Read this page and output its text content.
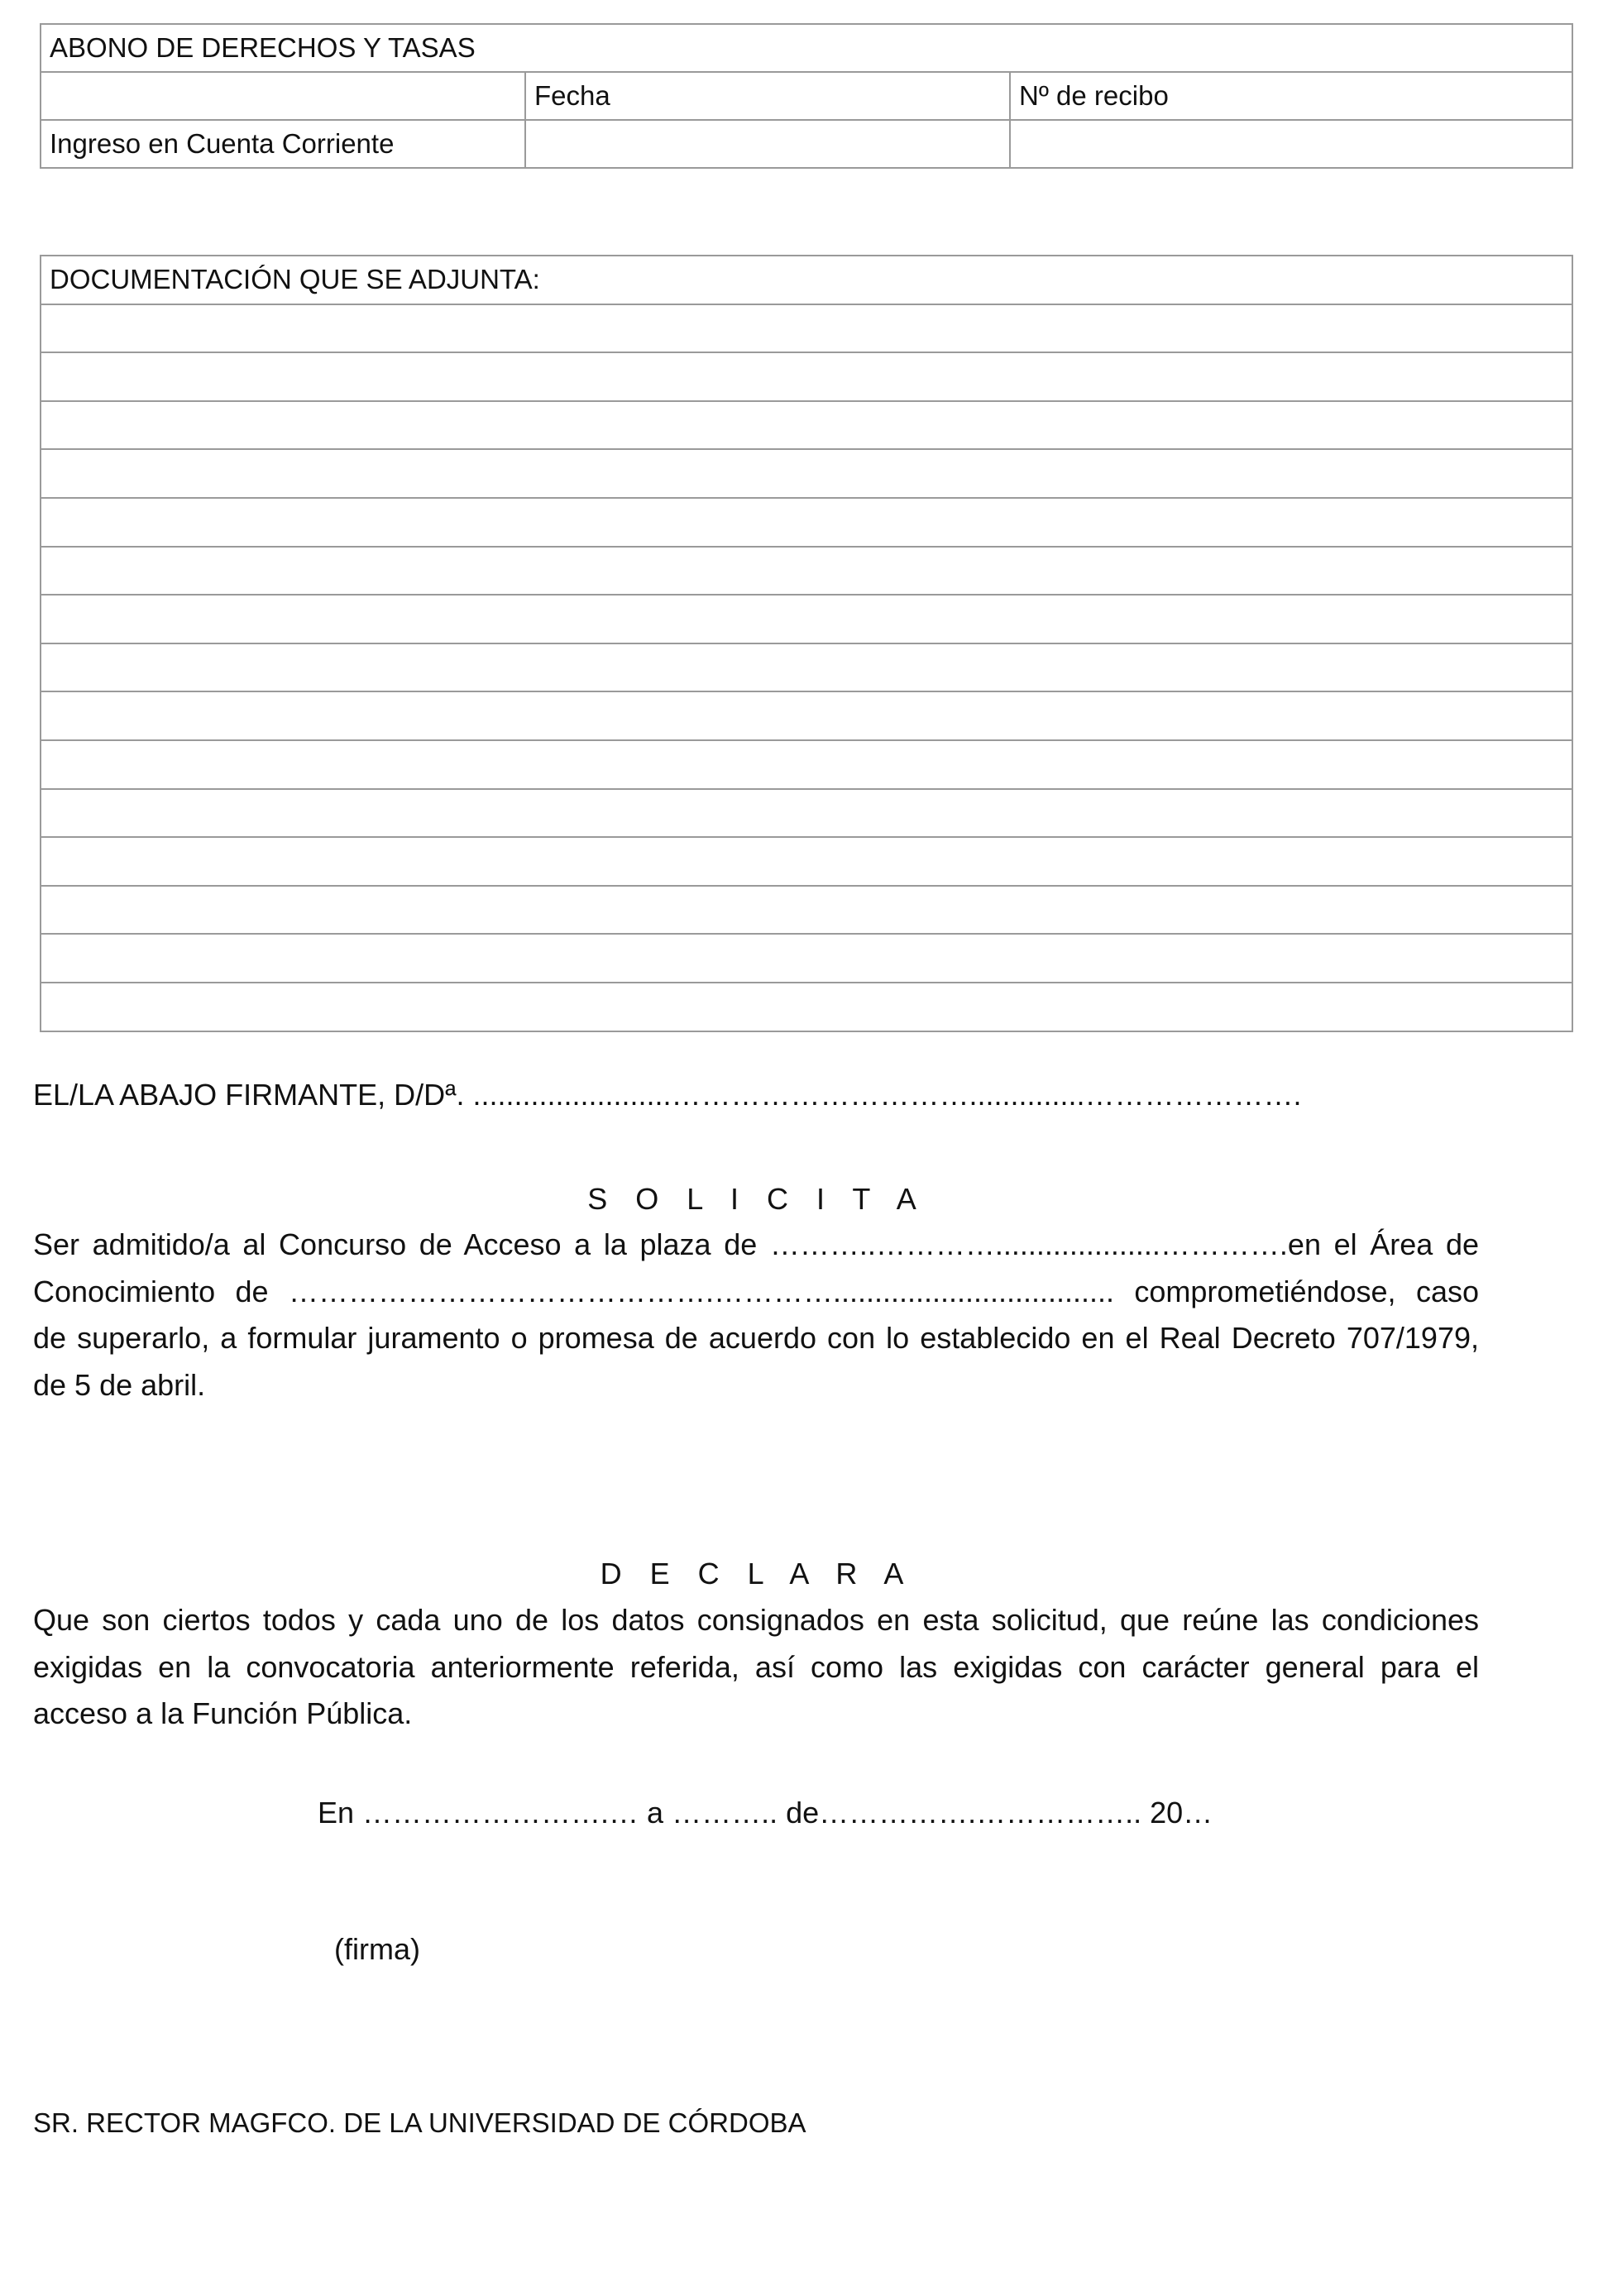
ABONO DE DERECHOS Y TASAS		
	Fecha	Nº de recibo
Ingreso en Cuenta Corriente		
DOCUMENTACIÓN QUE SE ADJUNTA:

EL/LA ABAJO FIRMANTE, D/Dª. ........................…………………………..............………………….
S O L I C I T A
Ser admitido/a al Concurso de Acceso a la plaza de ………..…………....................………….en el Área de
Conocimiento de …………………………………….………….................................. comprometiéndose, caso
de superarlo, a formular juramento o promesa de acuerdo con lo establecido en el Real Decreto 707/1979,
de 5 de abril.
D E C L A R A
Que son ciertos todos y cada uno de los datos consignados en esta solicitud, que reúne las condiciones
exigidas en la convocatoria anteriormente referida, así como las exigidas con carácter general para el
acceso a la Función Pública.
En …………………….… a ……….. de…………….…………….. 20…
(firma)
SR. RECTOR MAGFCO. DE LA UNIVERSIDAD DE CÓRDOBA
